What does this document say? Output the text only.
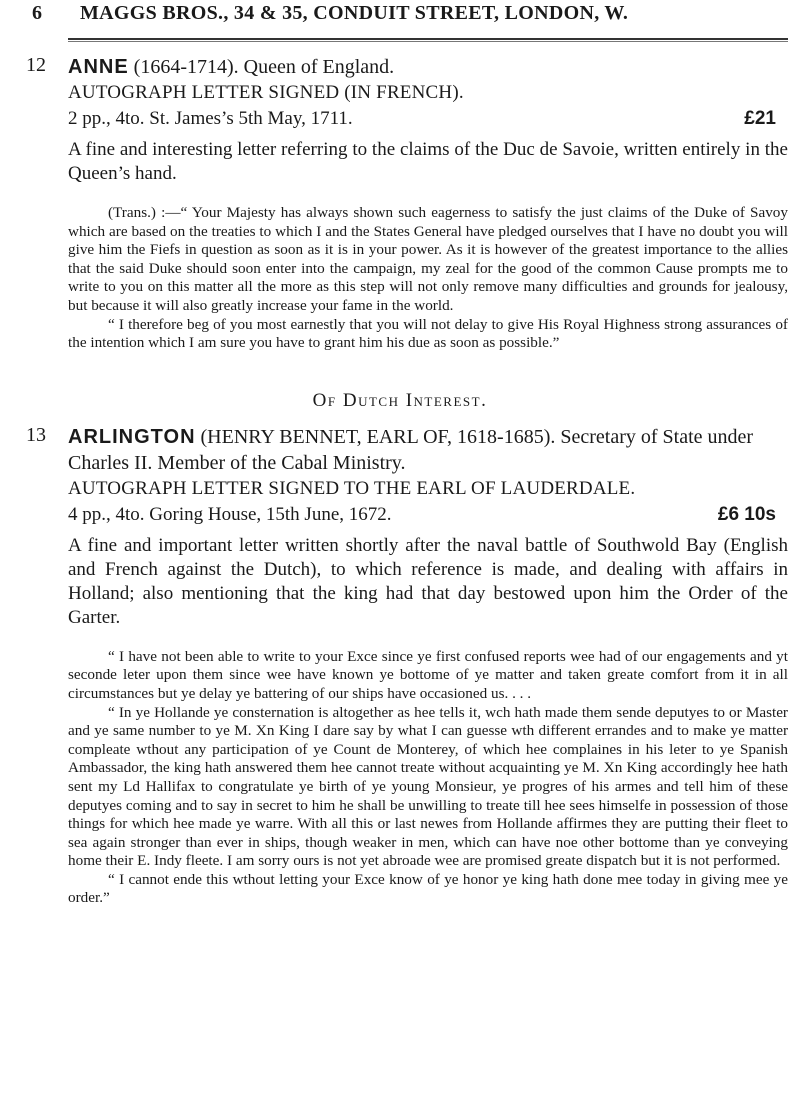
6 MAGGS BROS., 34 & 35, CONDUIT STREET, LONDON, W.
12 ANNE (1664-1714). Queen of England.

AUTOGRAPH LETTER SIGNED (IN FRENCH).

2 pp., 4to. St. James’s 5th May, 1711.	£21

A fine and interesting letter referring to the claims of the Duc de Savoie, written entirely in the Queen’s hand.

(Trans.) :—“ Your Majesty has always shown such eagerness to satisfy the just claims of the Duke of Savoy which are based on the treaties to which I and the States General have pledged ourselves that I have no doubt you will give him the Fiefs in question as soon as it is in your power. As it is however of the greatest importance to the allies that the said Duke should soon enter into the campaign, my zeal for the good of the common Cause prompts me to write to you on this matter all the more as this step will not only remove many difficulties and grounds for jealousy, but because it will also greatly increase your fame in the world.

“ I therefore beg of you most earnestly that you will not delay to give His Royal Highness strong assurances of the intention which I am sure you have to grant him his due as soon as possible.”

Of Dutch Interest.
13 ARLINGTON (HENRY BENNET, EARL OF, 1618-1685). Secretary of State under Charles II. Member of the Cabal Ministry.

AUTOGRAPH LETTER SIGNED TO THE EARL OF LAUDERDALE.

4 pp., 4to. Goring House, 15th June, 1672.	£6 10s

A fine and important letter written shortly after the naval battle of Southwold Bay (English and French against the Dutch), to which reference is made, and dealing with affairs in Holland; also mentioning that the king had that day bestowed upon him the Order of the Garter.

“ I have not been able to write to your Exce since ye first confused reports wee had of our engagements and yt seconde leter upon them since wee have known ye bottome of ye matter and taken greate comfort from it in all circumstances but ye delay ye battering of our ships have occasioned us. . . .

“ In ye Hollande ye consternation is altogether as hee tells it, wch hath made them sende deputyes to or Master and ye same number to ye M. Xn King I dare say by what I can guesse wth different errandes and to make ye matter compleate wthout any participation of ye Count de Monterey, of which hee complaines in his leter to ye Spanish Ambassador, the king hath answered them hee cannot treate without acquainting ye M. Xn King accordingly hee hath sent my Ld Hallifax to congratulate ye birth of ye young Monsieur, ye progres of his armes and tell him of these deputyes coming and to say in secret to him he shall be unwilling to treate till hee sees himselfe in possession of those things for which hee made ye warre. With all this or last newes from Hollande affirmes they are putting their fleet to sea again stronger than ever in ships, though weaker in men, which can have noe other bottome than ye conveying home their E. Indy fleete. I am sorry ours is not yet abroade wee are promised greate dispatch but it is not performed.

“ I cannot ende this wthout letting your Exce know of ye honor ye king hath done mee today in giving mee ye order.”
